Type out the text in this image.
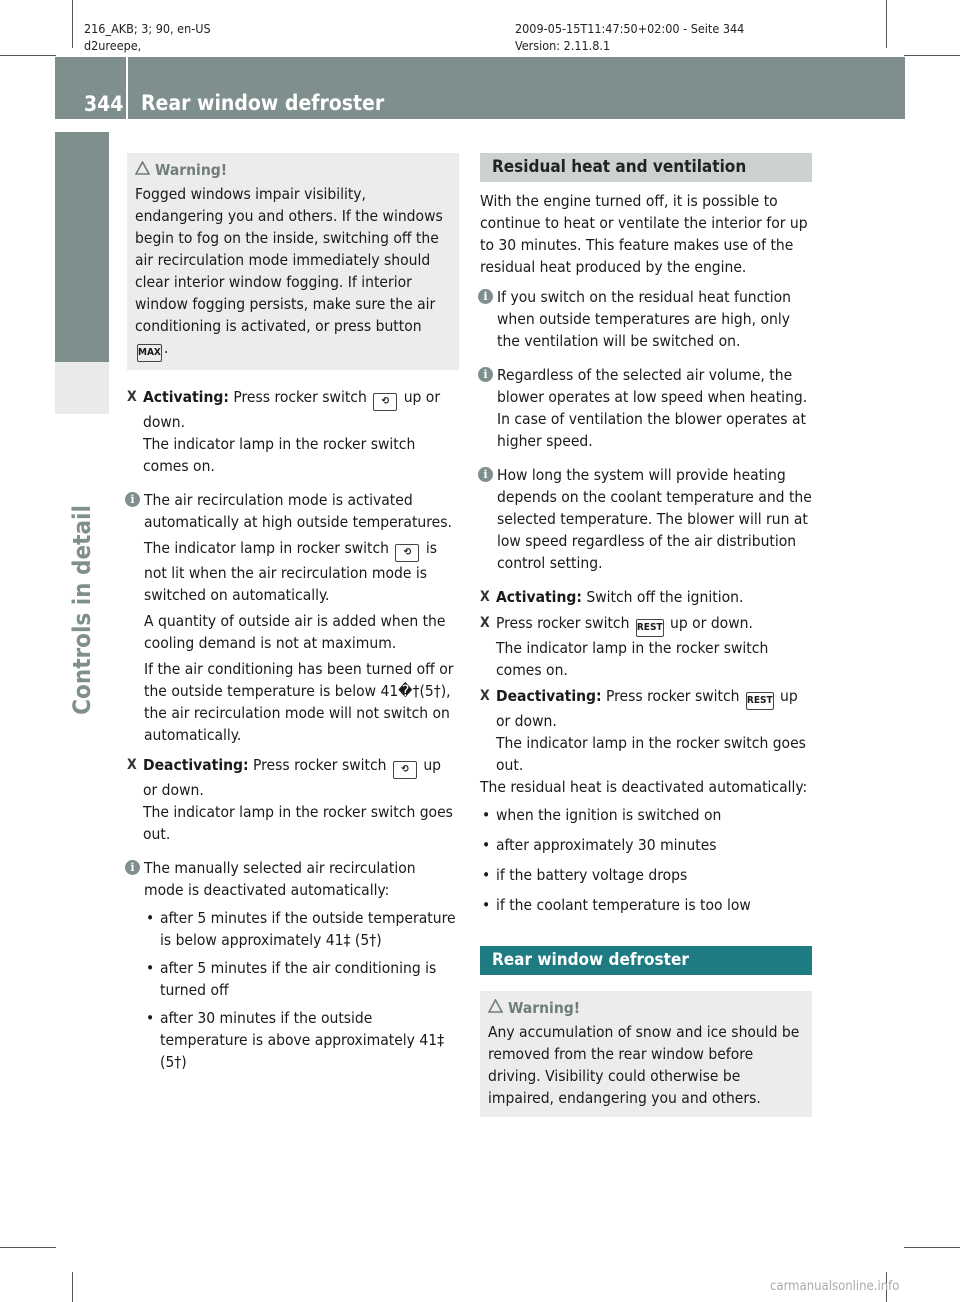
216_AKB; 3; 90, en-US
d2ureepe,
2009-05-15T11:47:50+02:00 - Seite 344
Version: 2.11.8.1
344 Rear window defroster
Controls in detail
Warning!

Fogged windows impair visibility, endangering you and others. If the windows begin to fog on the inside, switching off the air recirculation mode immediately should clear interior window fogging. If interior window fogging persists, make sure the air conditioning is activated, or press button MAX .

X Activating: Press rocker switch ⟲ up or down.
The indicator lamp in the rocker switch comes on.

i The air recirculation mode is activated automatically at high outside temperatures.

The indicator lamp in rocker switch ⟲ is not lit when the air recirculation mode is switched on automatically.

A quantity of outside air is added when the cooling demand is not at maximum.

If the air conditioning has been turned off or the outside temperature is below 41�†(5†), the air recirculation mode will not switch on automatically.

X Deactivating: Press rocker switch ⟲ up or down.
The indicator lamp in the rocker switch goes out.

i The manually selected air recirculation mode is deactivated automatically:

• after 5 minutes if the outside temperature is below approximately 41‡ (5†)

• after 5 minutes if the air conditioning is turned off

• after 30 minutes if the outside temperature is above approximately 41‡ (5†)

Residual heat and ventilation

With the engine turned off, it is possible to continue to heat or ventilate the interior for up to 30 minutes. This feature makes use of the residual heat produced by the engine.

i If you switch on the residual heat function when outside temperatures are high, only the ventilation will be switched on.

i Regardless of the selected air volume, the blower operates at low speed when heating. In case of ventilation the blower operates at higher speed.

i How long the system will provide heating depends on the coolant temperature and the selected temperature. The blower will run at low speed regardless of the air distribution control setting.

X Activating: Switch off the ignition.

X Press rocker switch REST up or down.
The indicator lamp in the rocker switch comes on.

X Deactivating: Press rocker switch REST up or down.
The indicator lamp in the rocker switch goes out.

The residual heat is deactivated automatically:

• when the ignition is switched on

• after approximately 30 minutes

• if the battery voltage drops

• if the coolant temperature is too low

Rear window defroster
Warning!

Any accumulation of snow and ice should be removed from the rear window before driving. Visibility could otherwise be impaired, endangering you and others.

carmanualsonline.info
